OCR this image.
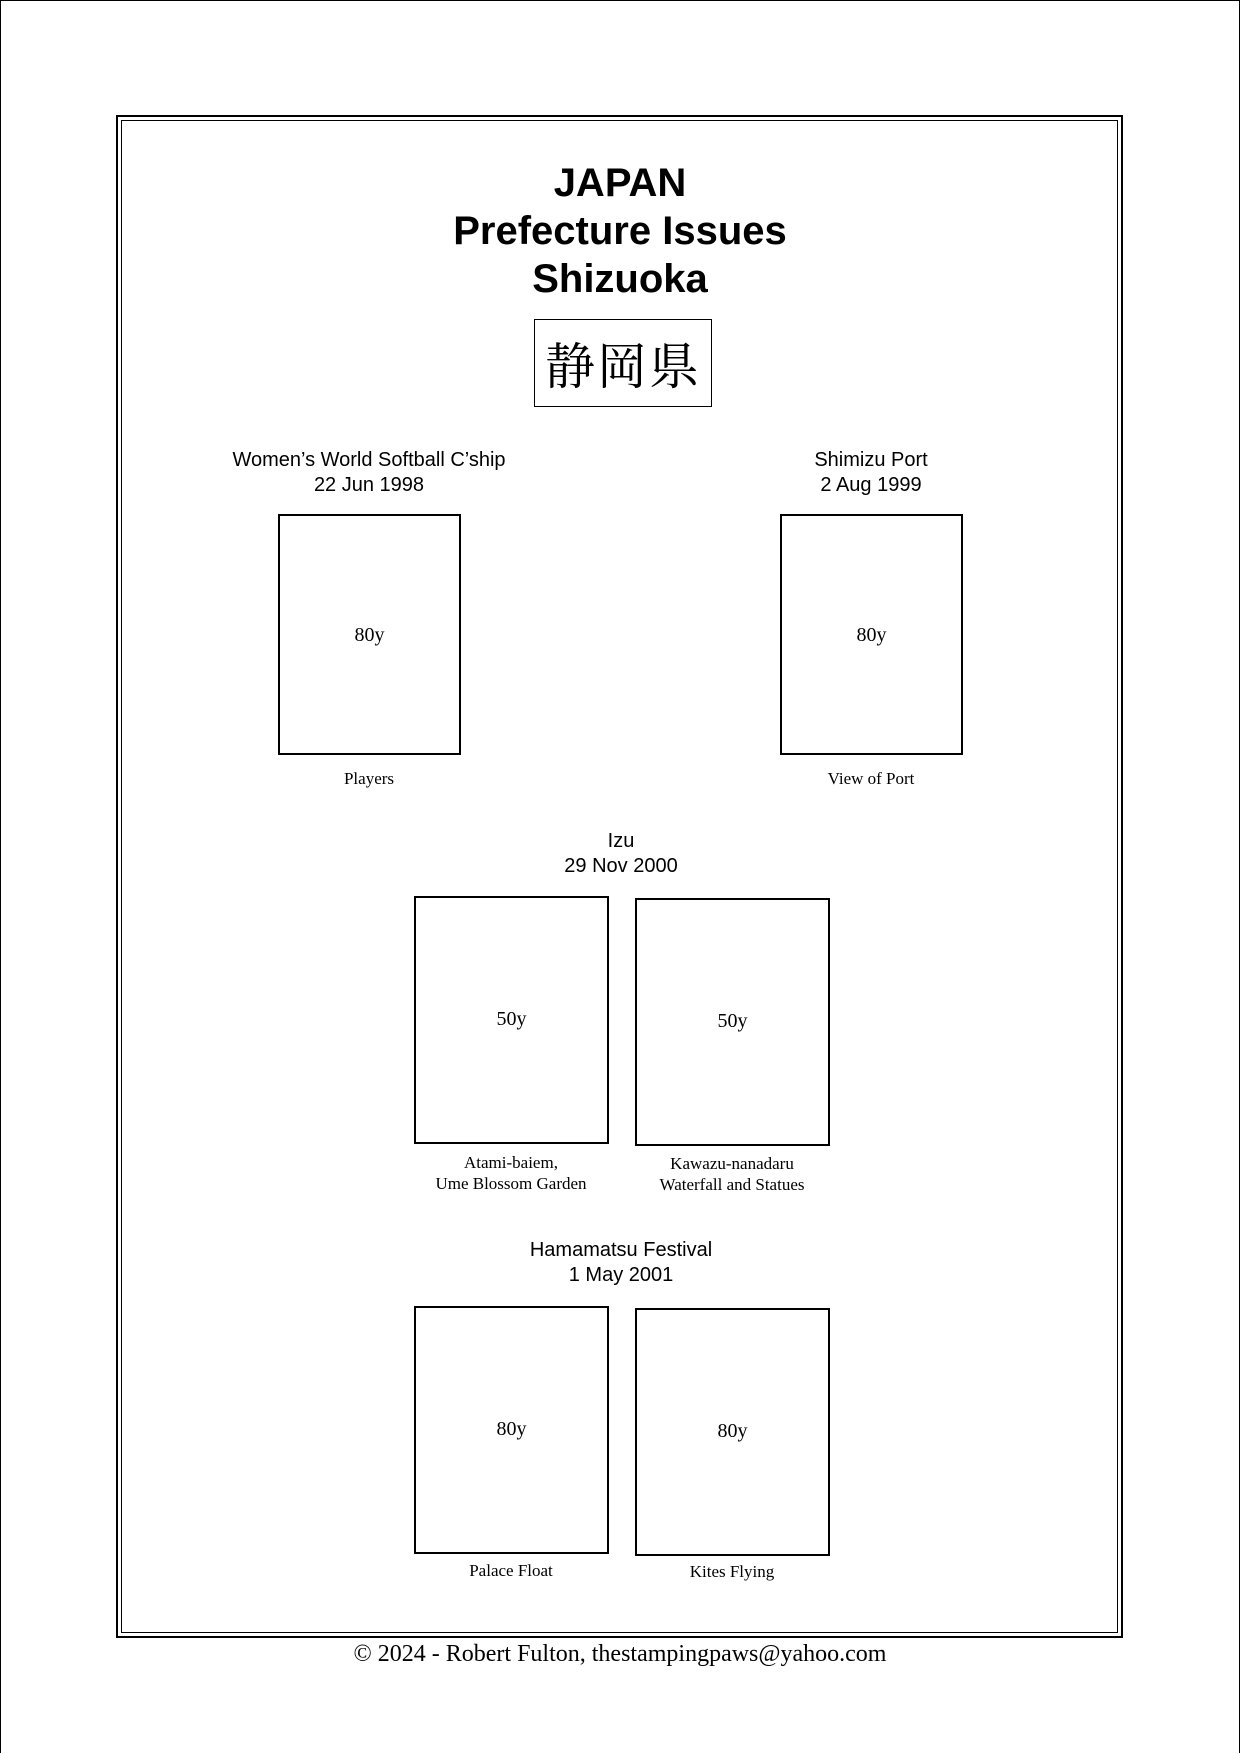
JAPAN
Prefecture Issues
Shizuoka
静岡県
Women’s World Softball C’ship
22 Jun 1998
80y
Players
Shimizu Port
2 Aug 1999
80y
View of Port
Izu
29 Nov 2000
50y
Atami-baiem,
Ume Blossom Garden
50y
Kawazu-nanadaru
Waterfall and Statues
Hamamatsu Festival
1 May 2001
80y
Palace Float
80y
Kites Flying
© 2024 - Robert Fulton, thestampingpaws@yahoo.com
